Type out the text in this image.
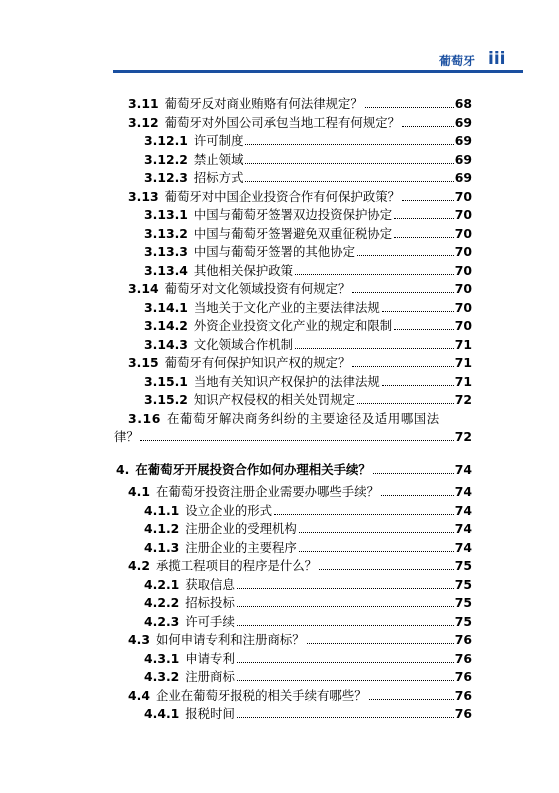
葡萄牙 iii
3.11 葡萄牙反对商业贿赂有何法律规定？	68
3.12 葡萄牙对外国公司承包当地工程有何规定？	69
3.12.1 许可制度	69
3.12.2 禁止领域	69
3.12.3 招标方式	69
3.13 葡萄牙对中国企业投资合作有何保护政策？	70
3.13.1 中国与葡萄牙签署双边投资保护协定	70
3.13.2 中国与葡萄牙签署避免双重征税协定	70
3.13.3 中国与葡萄牙签署的其他协定	70
3.13.4 其他相关保护政策	70
3.14 葡萄牙对文化领域投资有何规定？	70
3.14.1 当地关于文化产业的主要法律法规	70
3.14.2 外资企业投资文化产业的规定和限制	70
3.14.3 文化领域合作机制	71
3.15 葡萄牙有何保护知识产权的规定？	71
3.15.1 当地有关知识产权保护的法律法规	71
3.15.2 知识产权侵权的相关处罚规定	72
3.16 在葡萄牙解决商务纠纷的主要途径及适用哪国法
律？	72
4. 在葡萄牙开展投资合作如何办理相关手续？	74
4.1 在葡萄牙投资注册企业需要办哪些手续？	74
4.1.1 设立企业的形式	74
4.1.2 注册企业的受理机构	74
4.1.3 注册企业的主要程序	74
4.2 承揽工程项目的程序是什么？	75
4.2.1 获取信息	75
4.2.2 招标投标	75
4.2.3 许可手续	75
4.3 如何申请专利和注册商标？	76
4.3.1 申请专利	76
4.3.2 注册商标	76
4.4 企业在葡萄牙报税的相关手续有哪些？	76
4.4.1 报税时间	76
